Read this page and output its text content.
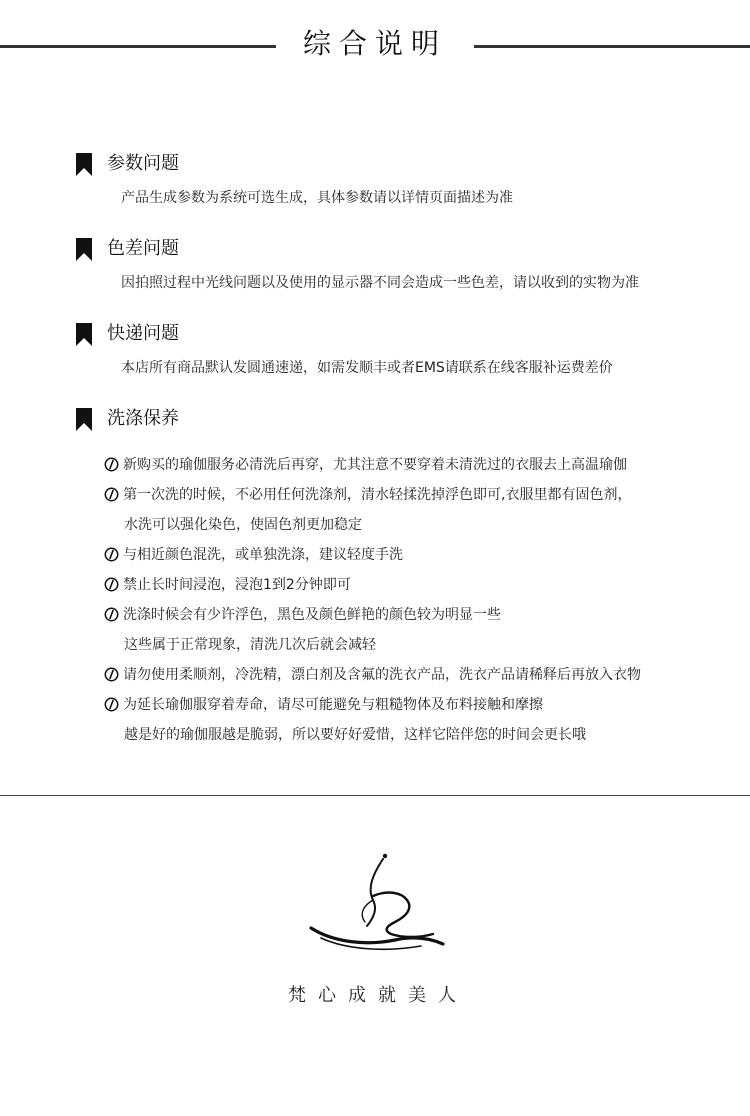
综合说明
参数问题
产品生成参数为系统可选生成，具体参数请以详情页面描述为准
色差问题
因拍照过程中光线问题以及使用的显示器不同会造成一些色差，请以收到的实物为准
快递问题
本店所有商品默认发圆通速递，如需发顺丰或者EMS请联系在线客服补运费差价
洗涤保养
新购买的瑜伽服务必清洗后再穿，尤其注意不要穿着未清洗过的衣服去上高温瑜伽
第一次洗的时候，不必用任何洗涤剂，清水轻揉洗掉浮色即可,衣服里都有固色剂，
水洗可以强化染色，使固色剂更加稳定
与相近颜色混洗，或单独洗涤，建议轻度手洗
禁止长时间浸泡，浸泡1到2分钟即可
洗涤时候会有少许浮色，黑色及颜色鲜艳的颜色较为明显一些
这些属于正常现象，清洗几次后就会减轻
请勿使用柔顺剂，冷洗精，漂白剂及含氟的洗衣产品，洗衣产品请稀释后再放入衣物
为延长瑜伽服穿着寿命，请尽可能避免与粗糙物体及布料接触和摩擦
越是好的瑜伽服越是脆弱，所以要好好爱惜，这样它陪伴您的时间会更长哦
梵心成就美人
